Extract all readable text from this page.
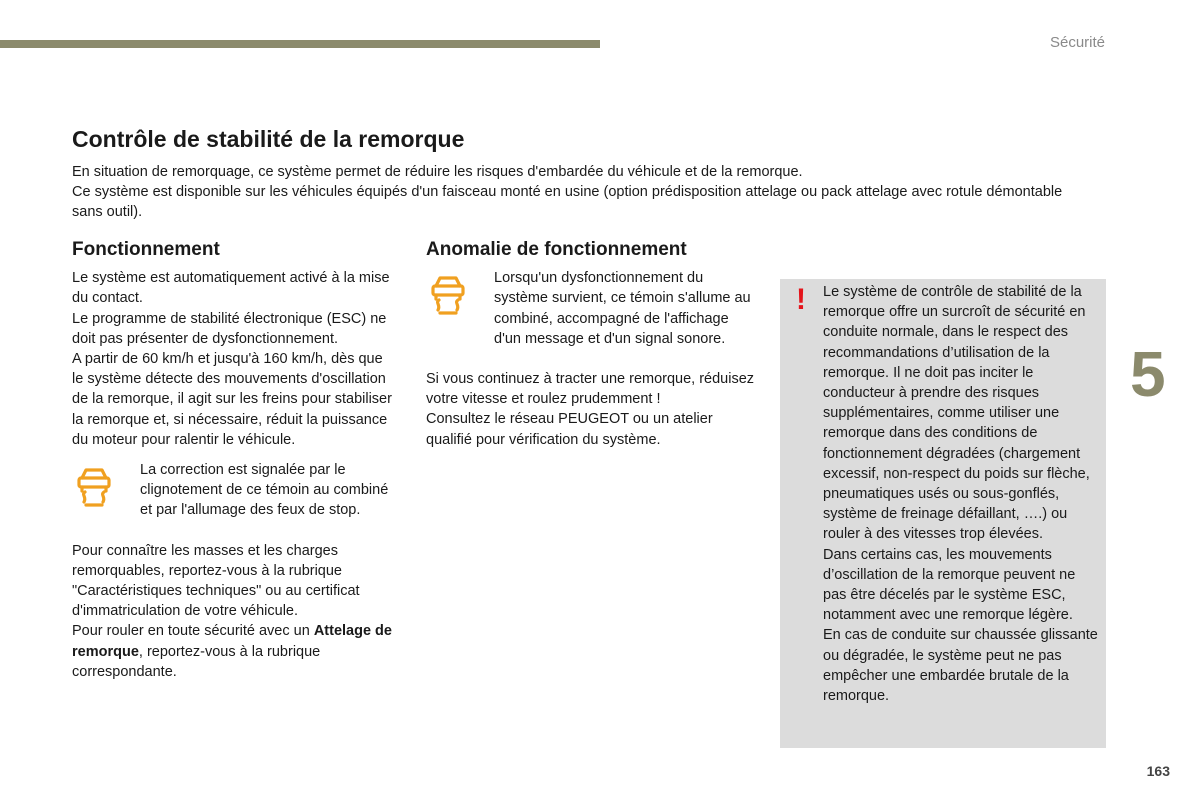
Sécurité
5
163
Contrôle de stabilité de la remorque

En situation de remorquage, ce système permet de réduire les risques d'embardée du véhicule et de la remorque.

Ce système est disponible sur les véhicules équipés d'un faisceau monté en usine (option prédisposition attelage ou pack attelage avec rotule démontable sans outil).

Fonctionnement

Le système est automatiquement activé à la mise du contact.

Le programme de stabilité électronique (ESC) ne doit pas présenter de dysfonctionnement.

A partir de 60 km/h et jusqu'à 160 km/h, dès que le système détecte des mouvements d'oscillation de la remorque, il agit sur les freins pour stabiliser la remorque et, si nécessaire, réduit la puissance du moteur pour ralentir le véhicule.

La correction est signalée par le clignotement de ce témoin au combiné et par l'allumage des feux de stop.

Pour connaître les masses et les charges remorquables, reportez-vous à la rubrique "Caractéristiques techniques" ou au certificat d'immatriculation de votre véhicule.

Pour rouler en toute sécurité avec un Attelage de remorque, reportez-vous à la rubrique correspondante.

Anomalie de fonctionnement

Lorsqu'un dysfonctionnement du système survient, ce témoin s'allume au combiné, accompagné de l'affichage d'un message et d'un signal sonore.

Si vous continuez à tracter une remorque, réduisez votre vitesse et roulez prudemment !

Consultez le réseau PEUGEOT ou un atelier qualifié pour vérification du système.

! Le système de contrôle de stabilité de la remorque offre un surcroît de sécurité en conduite normale, dans le respect des recommandations d’utilisation de la remorque. Il ne doit pas inciter le conducteur à prendre des risques supplémentaires, comme utiliser une remorque dans des conditions de fonctionnement dégradées (chargement excessif, non-respect du poids sur flèche, pneumatiques usés ou sous-gonflés, système de freinage défaillant, ….) ou rouler à des vitesses trop élevées.
Dans certains cas, les mouvements d’oscillation de la remorque peuvent ne pas être décelés par le système ESC, notamment avec une remorque légère.
En cas de conduite sur chaussée glissante ou dégradée, le système peut ne pas empêcher une embardée brutale de la remorque.
